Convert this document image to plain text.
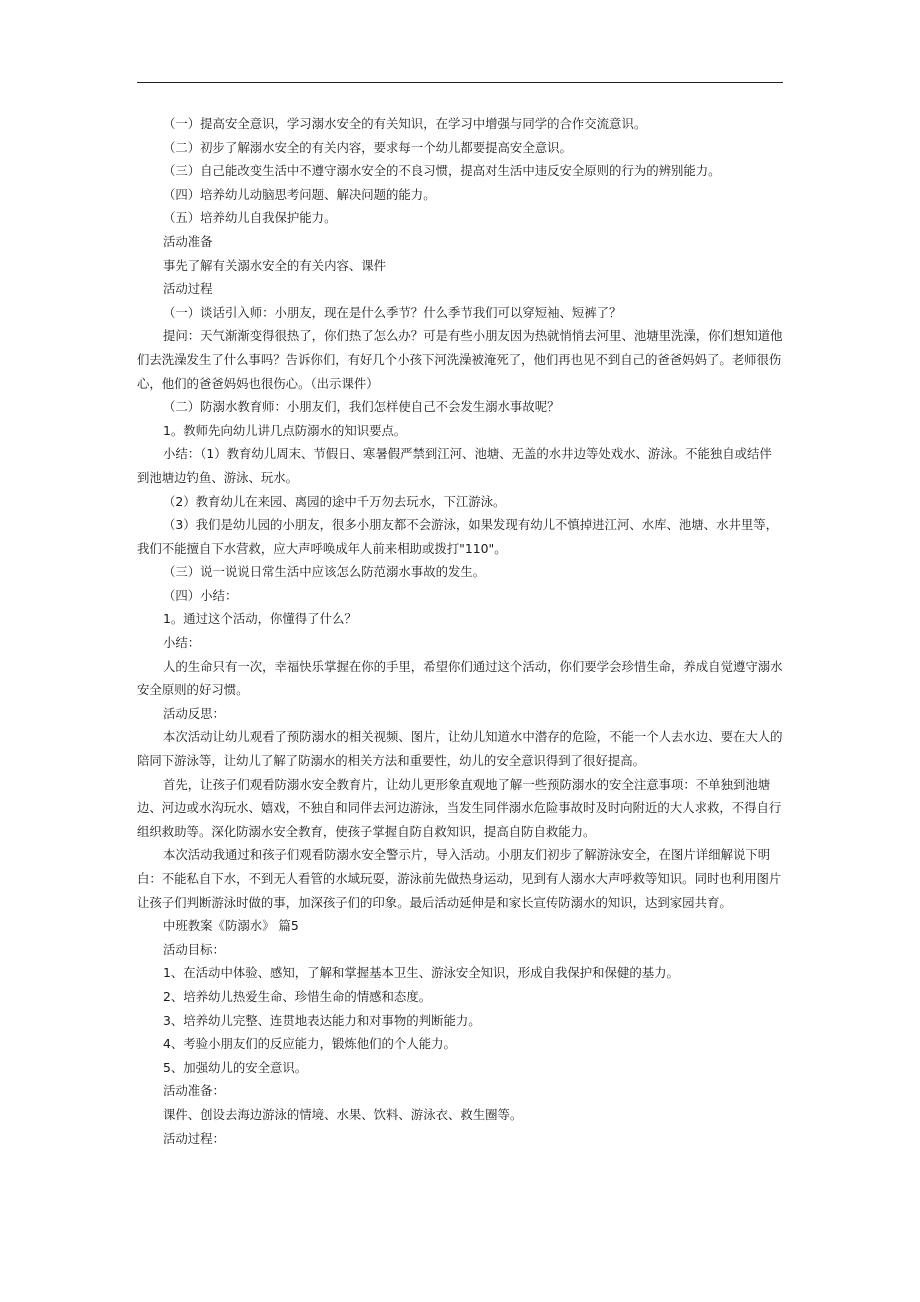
（一）提高安全意识，学习溺水安全的有关知识，在学习中增强与同学的合作交流意识。

（二）初步了解溺水安全的有关内容，要求每一个幼儿都要提高安全意识。

（三）自己能改变生活中不遵守溺水安全的不良习惯，提高对生活中违反安全原则的行为的辨别能力。

（四）培养幼儿动脑思考问题、解决问题的能力。

（五）培养幼儿自我保护能力。

活动准备

事先了解有关溺水安全的有关内容、课件

活动过程

（一）谈话引入师：小朋友，现在是什么季节？什么季节我们可以穿短袖、短裤了？

提问：天气渐渐变得很热了，你们热了怎么办？可是有些小朋友因为热就悄悄去河里、池塘里洗澡，你们想知道他们去洗澡发生了什么事吗？告诉你们，有好几个小孩下河洗澡被淹死了，他们再也见不到自己的爸爸妈妈了。老师很伤心，他们的爸爸妈妈也很伤心。（出示课件）

（二）防溺水教育师：小朋友们，我们怎样使自己不会发生溺水事故呢？

1。教师先向幼儿讲几点防溺水的知识要点。

小结：（1）教育幼儿周末、节假日、寒暑假严禁到江河、池塘、无盖的水井边等处戏水、游泳。不能独自或结伴到池塘边钓鱼、游泳、玩水。

（2）教育幼儿在来园、离园的途中千万勿去玩水，下江游泳。

（3）我们是幼儿园的小朋友，很多小朋友都不会游泳，如果发现有幼儿不慎掉进江河、水库、池塘、水井里等，我们不能擅自下水营救，应大声呼唤成年人前来相助或拨打"110"。

（三）说一说说日常生活中应该怎么防范溺水事故的发生。

（四）小结：

1。通过这个活动，你懂得了什么？

小结：

人的生命只有一次，幸福快乐掌握在你的手里，希望你们通过这个活动，你们要学会珍惜生命，养成自觉遵守溺水安全原则的好习惯。

活动反思：

本次活动让幼儿观看了预防溺水的相关视频、图片，让幼儿知道水中潜存的危险，不能一个人去水边、要在大人的陪同下游泳等，让幼儿了解了防溺水的相关方法和重要性，幼儿的安全意识得到了很好提高。

首先，让孩子们观看防溺水安全教育片，让幼儿更形象直观地了解一些预防溺水的安全注意事项：不单独到池塘边、河边或水沟玩水、嬉戏，不独自和同伴去河边游泳，当发生同伴溺水危险事故时及时向附近的大人求救，不得自行组织救助等。深化防溺水安全教育，使孩子掌握自防自救知识，提高自防自救能力。

本次活动我通过和孩子们观看防溺水安全警示片，导入活动。小朋友们初步了解游泳安全，在图片详细解说下明白：不能私自下水，不到无人看管的水域玩耍，游泳前先做热身运动，见到有人溺水大声呼救等知识。同时也利用图片让孩子们判断游泳时做的事，加深孩子们的印象。最后活动延伸是和家长宣传防溺水的知识，达到家园共育。

中班教案《防溺水》 篇5

活动目标：

1、在活动中体验、感知，了解和掌握基本卫生、游泳安全知识，形成自我保护和保健的基力。

2、培养幼儿热爱生命、珍惜生命的情感和态度。

3、培养幼儿完整、连贯地表达能力和对事物的判断能力。

4、考验小朋友们的反应能力，锻炼他们的个人能力。

5、加强幼儿的安全意识。

活动准备：

课件、创设去海边游泳的情境、水果、饮料、游泳衣、救生圈等。

活动过程：
